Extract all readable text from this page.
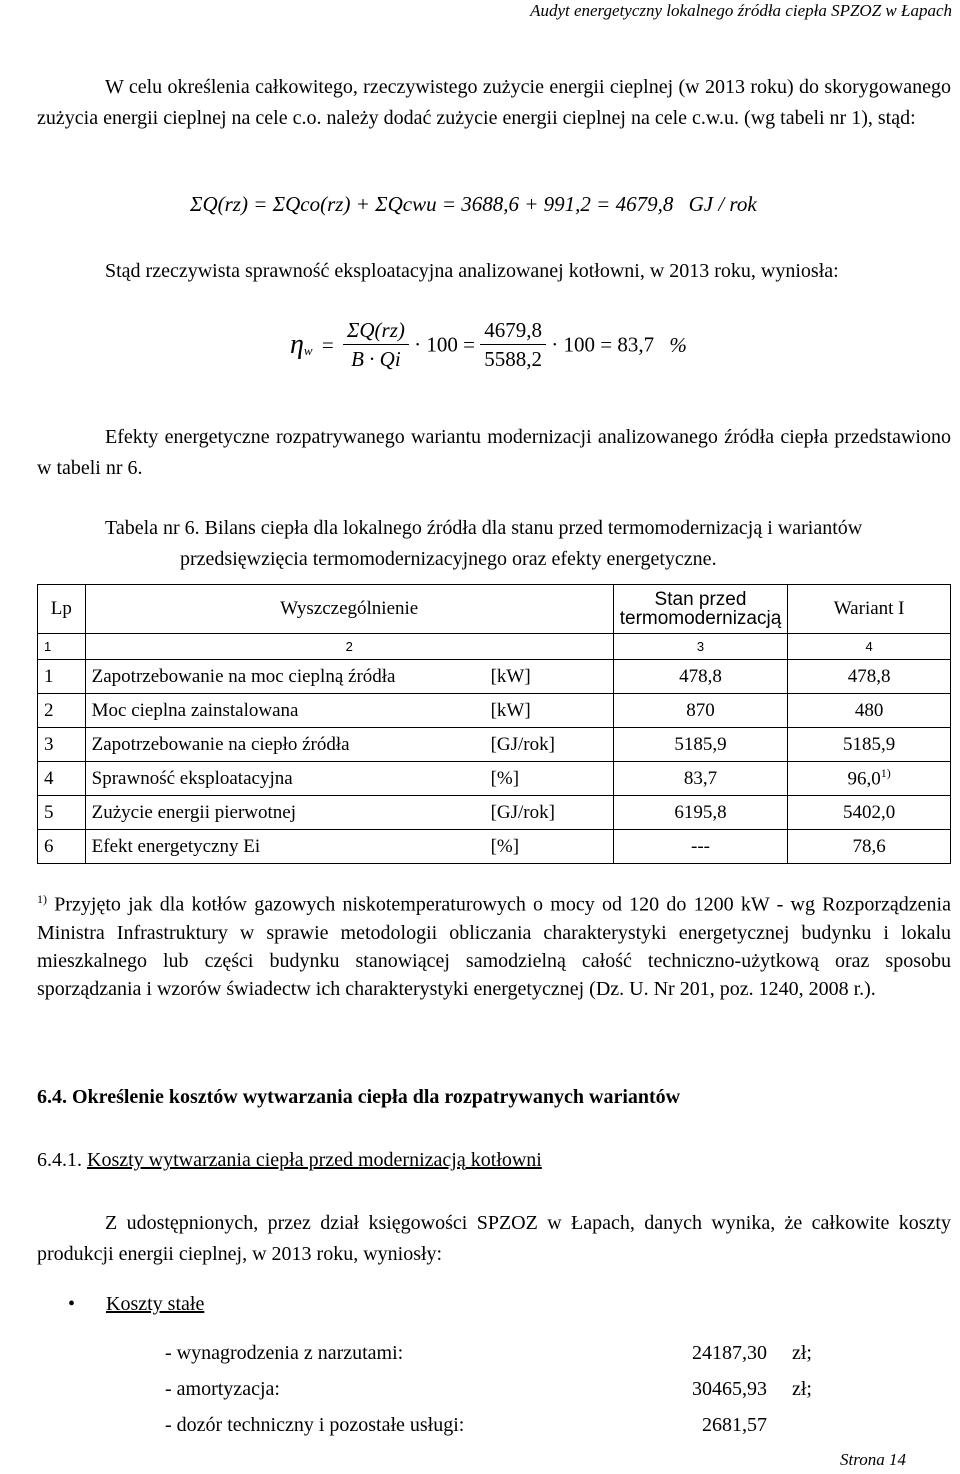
Audyt energetyczny lokalnego źródła ciepła SPZOZ w Łapach
W celu określenia całkowitego, rzeczywistego zużycie energii cieplnej (w 2013 roku) do skorygowanego zużycia energii cieplnej na cele c.o. należy dodać zużycie energii cieplnej na cele c.w.u. (wg tabeli nr 1), stąd:
ΣQ(rz) = ΣQco(rz) + ΣQcwu = 3688,6 + 991,2 = 4679,8 GJ / rok
Stąd rzeczywista sprawność eksploatacyjna analizowanej kotłowni, w 2013 roku, wyniosła:
$\eta_w = \frac{\Sigma Q(rz)}{B \cdot Qi} \cdot 100 = \frac{4679,8}{5588,2} \cdot 100 = 83,7$ %
Efekty energetyczne rozpatrywanego wariantu modernizacji analizowanego źródła ciepła przedstawiono w tabeli nr 6.
Tabela nr 6. Bilans ciepła dla lokalnego źródła dla stanu przed termomodernizacją i wariantów
przedsięwzięcia termomodernizacyjnego oraz efekty energetyczne.
Lp	Wyszczególnienie		Stan przed termomodernizacją	Wariant I
1	2		3	4
1	Zapotrzebowanie na moc cieplną źródła	[kW]	478,8	478,8
2	Moc cieplna zainstalowana	[kW]	870	480
3	Zapotrzebowanie na ciepło źródła	[GJ/rok]	5185,9	5185,9
4	Sprawność eksploatacyjna	[%]	83,7	96,0$^{1)}$
5	Zużycie energii pierwotnej	[GJ/rok]	6195,8	5402,0
6	Efekt energetyczny Ei	[%]	---	78,6
$^{1)}$ Przyjęto jak dla kotłów gazowych niskotemperaturowych o mocy od 120 do 1200 kW - wg Rozporządzenia Ministra Infrastruktury w sprawie metodologii obliczania charakterystyki energetycznej budynku i lokalu mieszkalnego lub części budynku stanowiącej samodzielną całość techniczno-użytkową oraz sposobu sporządzania i wzorów świadectw ich charakterystyki energetycznej (Dz. U. Nr 201, poz. 1240, 2008 r.).
6.4. Określenie kosztów wytwarzania ciepła dla rozpatrywanych wariantów
6.4.1. Koszty wytwarzania ciepła przed modernizacją kotłowni
Z udostępnionych, przez dział księgowości SPZOZ w Łapach, danych wynika, że całkowite koszty produkcji energii cieplnej, w 2013 roku, wyniosły:
• Koszty stałe
- wynagrodzenia z narzutami:	24187,30 zł;
- amortyzacja:	30465,93 zł;
- dozór techniczny i pozostałe usługi:	2681,57
Strona 14
